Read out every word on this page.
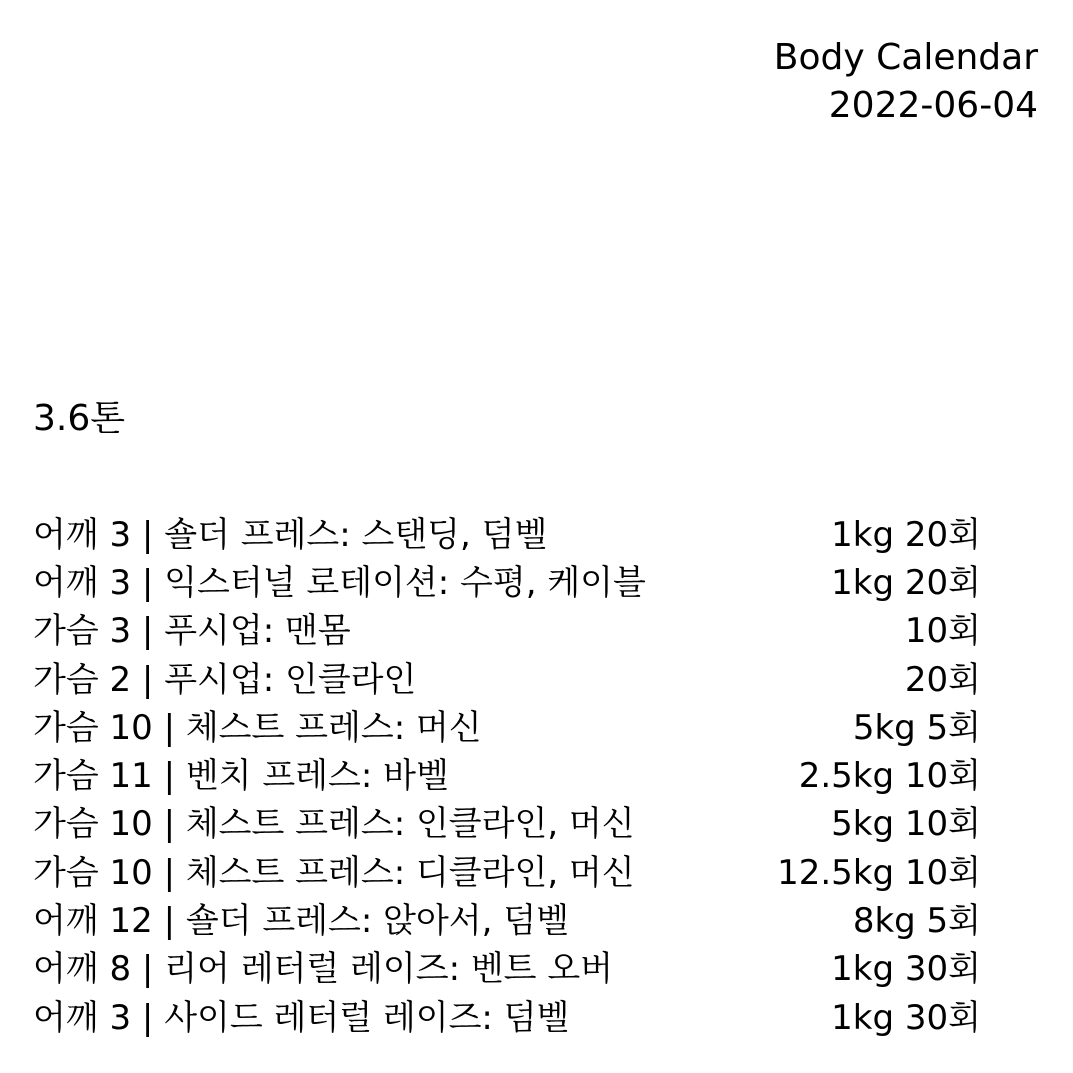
Body Calendar
2022-06-04
3.6톤
어깨 3 | 숄더 프레스: 스탠딩, 덤벨	1kg 20회
어깨 3 | 익스터널 로테이션: 수평, 케이블	1kg 20회
가슴 3 | 푸시업: 맨몸	10회
가슴 2 | 푸시업: 인클라인	20회
가슴 10 | 체스트 프레스: 머신	5kg 5회
가슴 11 | 벤치 프레스: 바벨	2.5kg 10회
가슴 10 | 체스트 프레스: 인클라인, 머신	5kg 10회
가슴 10 | 체스트 프레스: 디클라인, 머신	12.5kg 10회
어깨 12 | 숄더 프레스: 앉아서, 덤벨	8kg 5회
어깨 8 | 리어 레터럴 레이즈: 벤트 오버	1kg 30회
어깨 3 | 사이드 레터럴 레이즈: 덤벨	1kg 30회
